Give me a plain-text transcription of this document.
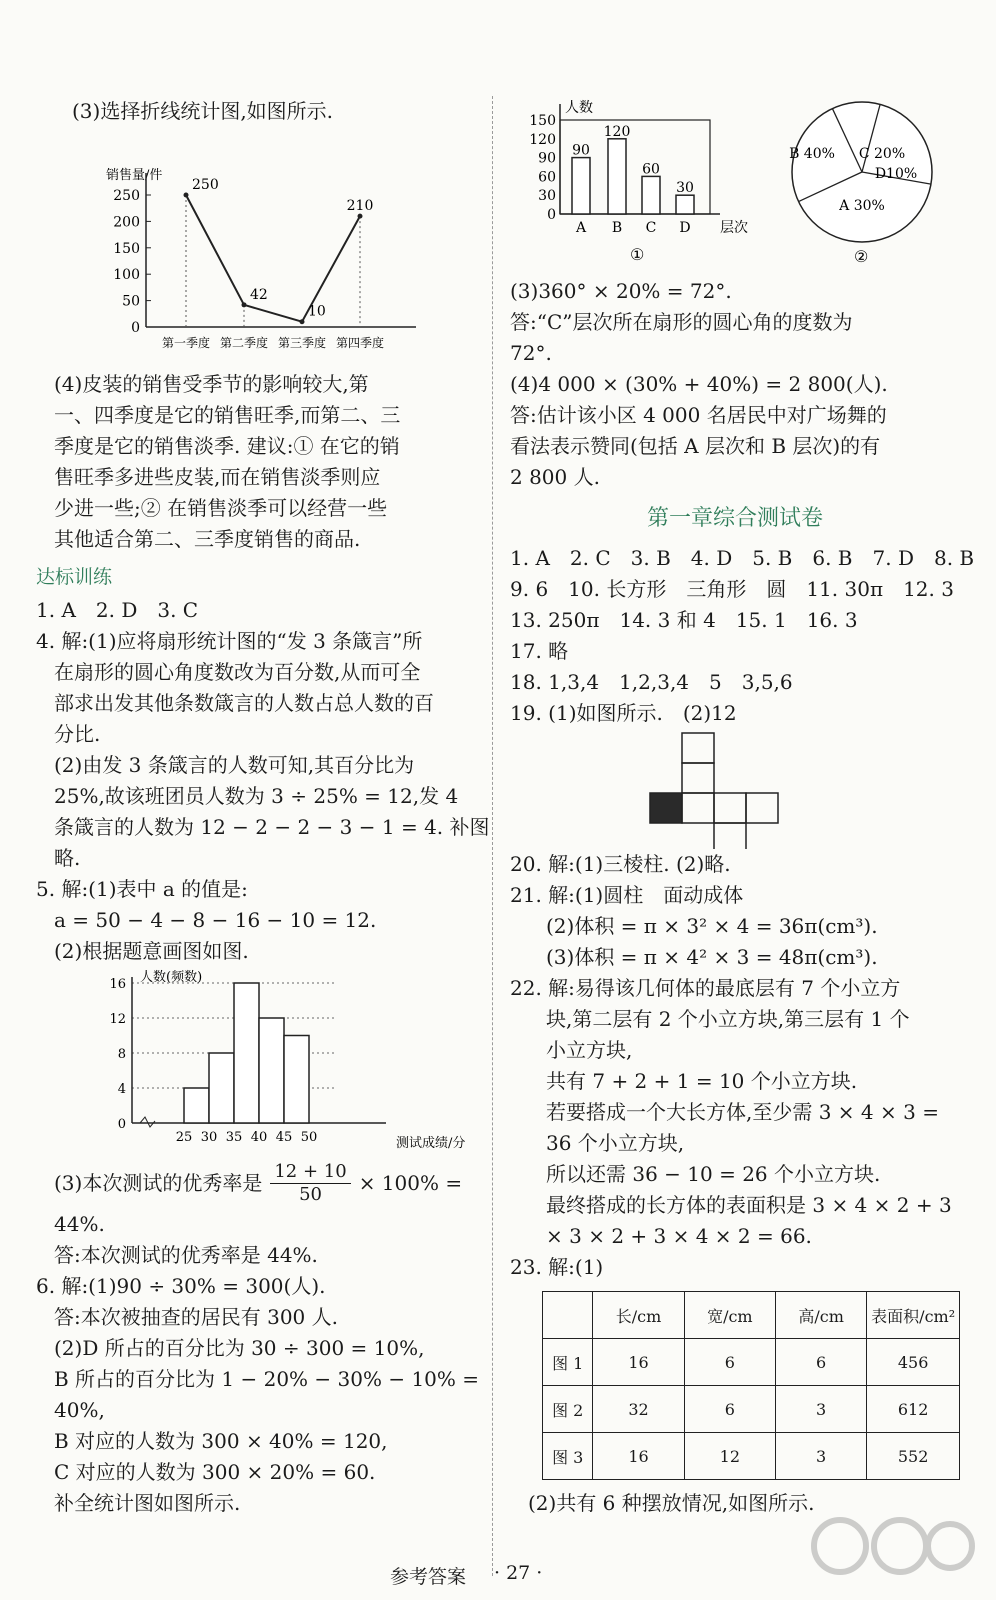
(3)选择折线统计图,如图所示.

销售量/件
250
200
150
100
50
0
第一季度 第二季度 第三季度 第四季度
250
42
10
210

(4)皮装的销售受季节的影响较大,第

一、四季度是它的销售旺季,而第二、三

季度是它的销售淡季. 建议:① 在它的销

售旺季多进些皮装,而在销售淡季则应

少进一些;② 在销售淡季可以经营一些

其他适合第二、三季度销售的商品.

达标训练

1. A　2. D　3. C

4. 解:(1)应将扇形统计图的“发 3 条箴言”所

在扇形的圆心角度数改为百分数,从而可全

部求出发其他条数箴言的人数占总人数的百

分比.

(2)由发 3 条箴言的人数可知,其百分比为

25%,故该班团员人数为 3 ÷ 25% = 12,发 4

条箴言的人数为 12 − 2 − 2 − 3 − 1 = 4. 补图

略.

5. 解:(1)表中 a 的值是:

a = 50 − 4 − 8 − 16 − 10 = 12.

(2)根据题意画图如图.

人数(频数)
测试成绩/分
16
12
8
4
0
25 30 35 40 45 50
(3)本次测试的优秀率是 $\frac{12 + 10}{50} \times 100\%$ =

44%.

答:本次测试的优秀率是 44%.

6. 解:(1)90 ÷ 30% = 300(人).

答:本次被抽查的居民有 300 人.

(2)D 所占的百分比为 30 ÷ 300 = 10%,

B 所占的百分比为 1 − 20% − 30% − 10% =

40%,

B 对应的人数为 300 × 40% = 120,

C 对应的人数为 300 × 20% = 60.

补全统计图如图所示.

人数
层次
①
150
120
90
60
30
0
90
A
120
B
60
C
30
D
②
A 30%
B 40% C 20%
D10%

(3)360° × 20% = 72°.

答:“C”层次所在扇形的圆心角的度数为

72°.

(4)4 000 × (30% + 40%) = 2 800(人).

答:估计该小区 4 000 名居民中对广场舞的

看法表示赞同(包括 A 层次和 B 层次)的有

2 800 人.

第一章综合测试卷

1. A　2. C　3. B　4. D　5. B　6. B　7. D　8. B

9. 6　10. 长方形　三角形　圆　11. 30π　12. 3

13. 250π　14. 3 和 4　15. 1　16. 3

17. 略

18. 1,3,4　1,2,3,4　5　3,5,6

19. (1)如图所示.　(2)12

20. 解:(1)三棱柱. (2)略.

21. 解:(1)圆柱　面动成体

(2)体积 = π × 3² × 4 = 36π(cm³).

(3)体积 = π × 4² × 3 = 48π(cm³).

22. 解:易得该几何体的最底层有 7 个小立方

块,第二层有 2 个小立方块,第三层有 1 个

小立方块,

共有 7 + 2 + 1 = 10 个小立方块.

若要搭成一个大长方体,至少需 3 × 4 × 3 =

36 个小立方块,

所以还需 36 − 10 = 26 个小立方块.

最终搭成的长方体的表面积是 3 × 4 × 2 + 3

× 3 × 2 + 3 × 4 × 2 = 66.

23. 解:(1)

	长/cm	宽/cm	高/cm	表面积/cm²
图 1	16	6	6	456
图 2	32	6	3	612
图 3	16	12	3	552

(2)共有 6 种摆放情况,如图所示.

参考答案 · 27 ·
